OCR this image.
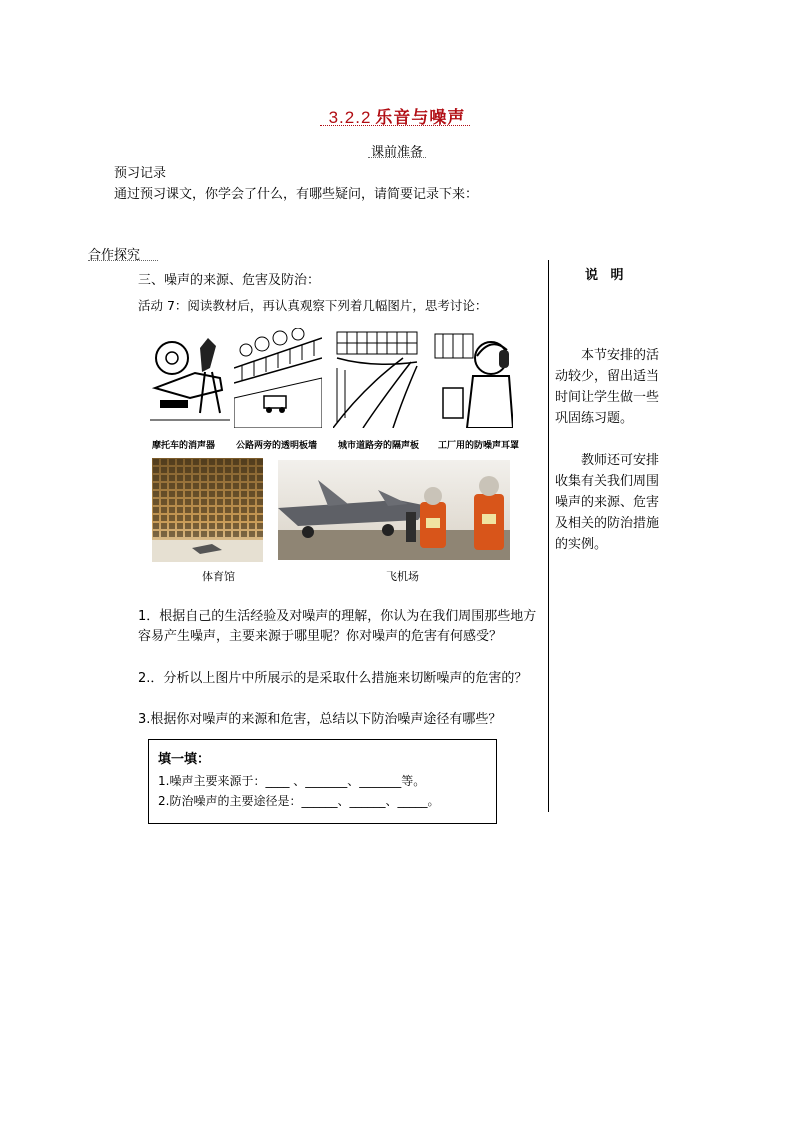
3.2.2 乐音与噪声
课前准备
预习记录
通过预习课文，你学会了什么，有哪些疑问，请简要记录下来：
合作探究
三、噪声的来源、危害及防治：
活动 7：阅读教材后，再认真观察下列着几幅图片，思考讨论：
说 明
本节安排的活动较少，留出适当时间让学生做一些巩固练习题。
教师还可安排收集有关我们周围噪声的来源、危害及相关的防治措施的实例。
摩托车的消声器 公路两旁的透明板墙 城市道路旁的隔声板 工厂用的防噪声耳罩
体育馆	飞机场
1．根据自己的生活经验及对噪声的理解，你认为在我们周围那些地方容易产生噪声，主要来源于哪里呢？你对噪声的危害有何感受？
2.．分析以上图片中所展示的是采取什么措施来切断噪声的危害的？
3.根据你对噪声的来源和危害，总结以下防治噪声途径有哪些？
填一填：
1.噪声主要来源于：____ 、_______、_______等。
2.防治噪声的主要途径是：______、______、_____。
